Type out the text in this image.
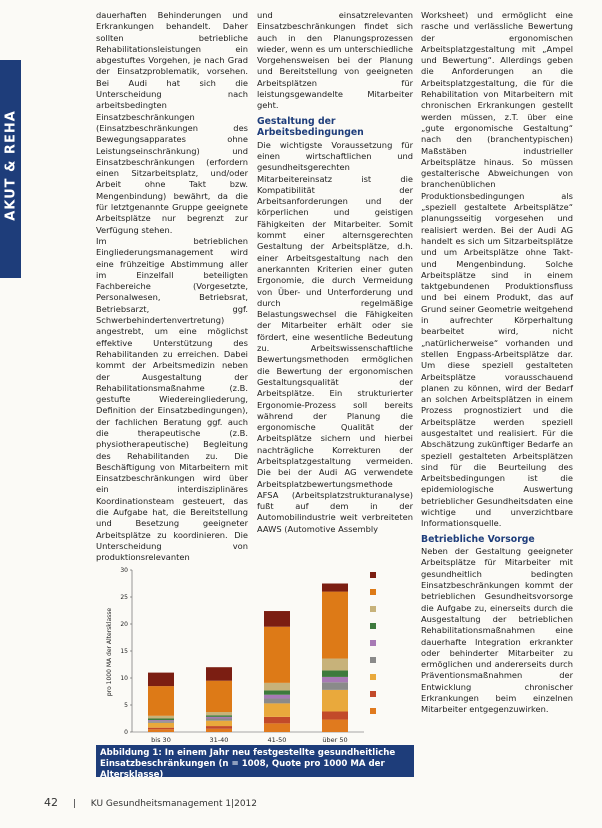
AKUT & REHA

dauerhaften Behinderungen und Erkrankungen behandelt. Daher sollten betriebliche Rehabilitationsleistungen ein abgestuftes Vorgehen, je nach Grad der Einsatzproblematik, vorsehen. Bei Audi hat sich die Unterscheidung nach arbeitsbedingten Einsatzbeschränkungen (Einsatzbeschränkungen des Bewegungsapparates ohne Leistungseinschränkung) und Einsatzbeschränkungen (erfordern einen Sitzarbeitsplatz, und/oder Arbeit ohne Takt bzw. Mengenbindung) bewährt, da die für letztgenannte Gruppe geeignete Arbeitsplätze nur begrenzt zur Verfügung stehen.

Im betrieblichen Eingliederungsmanagement wird eine frühzeitige Abstimmung aller im Einzelfall beteiligten Fachbereiche (Vorgesetzte, Personalwesen, Betriebsrat, Betriebsarzt, ggf. Schwerbehindertenvertretung) angestrebt, um eine möglichst effektive Unterstützung des Rehabilitanden zu erreichen. Dabei kommt der Arbeitsmedizin neben der Ausgestaltung der Rehabilitationsmaßnahme (z.B. gestufte Wiedereingliederung, Definition der Einsatzbedingungen), der fachlichen Beratung ggf. auch die therapeutische (z.B. physiotherapeutische) Begleitung des Rehabilitanden zu. Die Beschäftigung von Mitarbeitern mit Einsatzbeschränkungen wird über ein interdisziplinäres Koordinationsteam gesteuert, das die Aufgabe hat, die Bereitstellung und Besetzung geeigneter Arbeitsplätze zu koordinieren. Die Unterscheidung von produktionsrelevanten

und einsatzrelevanten Einsatzbeschränkungen findet sich auch in den Planungsprozessen wieder, wenn es um unterschiedliche Vorgehensweisen bei der Planung und Bereitstellung von geeigneten Arbeitsplätzen für leistungsgewandelte Mitarbeiter geht.

Gestaltung der Arbeitsbedingungen

Die wichtigste Voraussetzung für einen wirtschaftlichen und gesundheitsgerechten Mitarbeitereinsatz ist die Kompatibilität der Arbeitsanforderungen und der körperlichen und geistigen Fähigkeiten der Mitarbeiter. Somit kommt einer alternsgerechten Gestaltung der Arbeitsplätze, d.h. einer Arbeitsgestaltung nach den anerkannten Kriterien einer guten Ergonomie, die durch Vermeidung von Über- und Unterforderung und durch regelmäßige Belastungswechsel die Fähigkeiten der Mitarbeiter erhält oder sie fördert, eine wesentliche Bedeutung zu. Arbeitswissenschaftliche Bewertungsmethoden ermöglichen die Bewertung der ergonomischen Gestaltungsqualität der Arbeitsplätze. Ein strukturierter Ergonomie-Prozess soll bereits während der Planung die ergonomische Qualität der Arbeitsplätze sichern und hierbei nachträgliche Korrekturen der Arbeitsplatzgestaltung vermeiden. Die bei der Audi AG verwendete Arbeitsplatzbewertungsmethode AFSA (Arbeitsplatzstrukturanalyse) fußt auf dem in der Automobilindustrie weit verbreiteten AAWS (Automotive Assembly

Worksheet) und ermöglicht eine rasche und verlässliche Bewertung der ergonomischen Arbeitsplatzgestaltung mit „Ampel und Bewertung“. Allerdings geben die Anforderungen an die Arbeitsplatzgestaltung, die für die Rehabilitation von Mitarbeitern mit chronischen Erkrankungen gestellt werden müssen, z.T. über eine „gute ergonomische Gestaltung“ nach den (branchentypischen) Maßstäben industrieller Arbeitsplätze hinaus. So müssen gestalterische Abweichungen von branchenüblichen Produktionsbedingungen als „speziell gestaltete Arbeitsplätze“ planungsseitig vorgesehen und realisiert werden. Bei der Audi AG handelt es sich um Sitzarbeitsplätze und um Arbeitsplätze ohne Takt- und Mengenbindung. Solche Arbeitsplätze sind in einem taktgebundenen Produktionsfluss und bei einem Produkt, das auf Grund seiner Geometrie weitgehend in aufrechter Körperhaltung bearbeitet wird, nicht „natürlicherweise“ vorhanden und stellen Engpass-Arbeitsplätze dar. Um diese speziell gestalteten Arbeitsplätze vorausschauend planen zu können, wird der Bedarf an solchen Arbeitsplätzen in einem Prozess prognostiziert und die Arbeitsplätze werden speziell ausgestaltet und realisiert. Für die Abschätzung zukünftiger Bedarfe an speziell gestalteten Arbeitsplätzen sind für die Beurteilung des Arbeitsbedingungen ist die epidemiologische Auswertung betrieblicher Gesundheitsdaten eine wichtige und unverzichtbare Informationsquelle.

Betriebliche Vorsorge

Neben der Gestaltung geeigneter Arbeitsplätze für Mitarbeiter mit gesundheitlich bedingten Einsatzbeschränkungen kommt der betrieblichen Gesundheitsvorsorge die Aufgabe zu, einerseits durch die Ausgestaltung der betrieblichen Rehabilitationsmaßnahmen eine dauerhafte Integration erkrankter oder behinderter Mitarbeiter zu ermöglichen und andererseits durch Präventionsmaßnahmen der Entwicklung chronischer Erkrankungen beim einzelnen Mitarbeiter entgegenzuwirken.

0
5
10
15
20
25
30
bis 30	31-40	41-50	über 50
pro 1000 MA der Altersklasse
Abbildung 1: In einem Jahr neu festgestellte gesundheitliche Einsatzbeschränkungen (n = 1008, Quote pro 1000 MA der Altersklasse)
42 | KU Gesundheitsmanagement 1|2012
